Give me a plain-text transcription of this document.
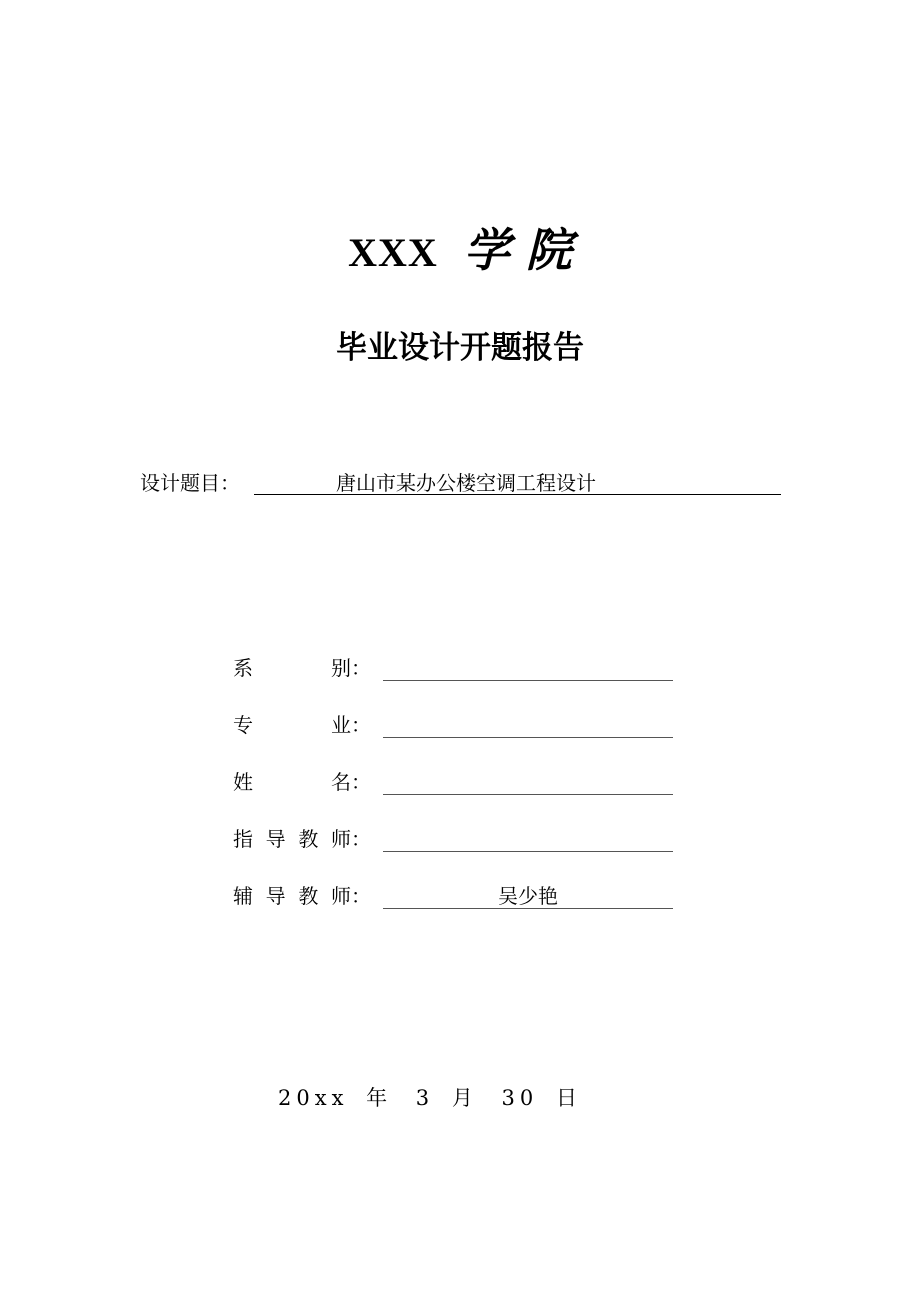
XXX 学 院
毕业设计开题报告
设计题目：	唐山市某办公楼空调工程设计
系	别：
专	业：
姓	名：
指 导 教 师：
辅 导 教 师：	吴少艳
20xx 年 3 月 30 日
